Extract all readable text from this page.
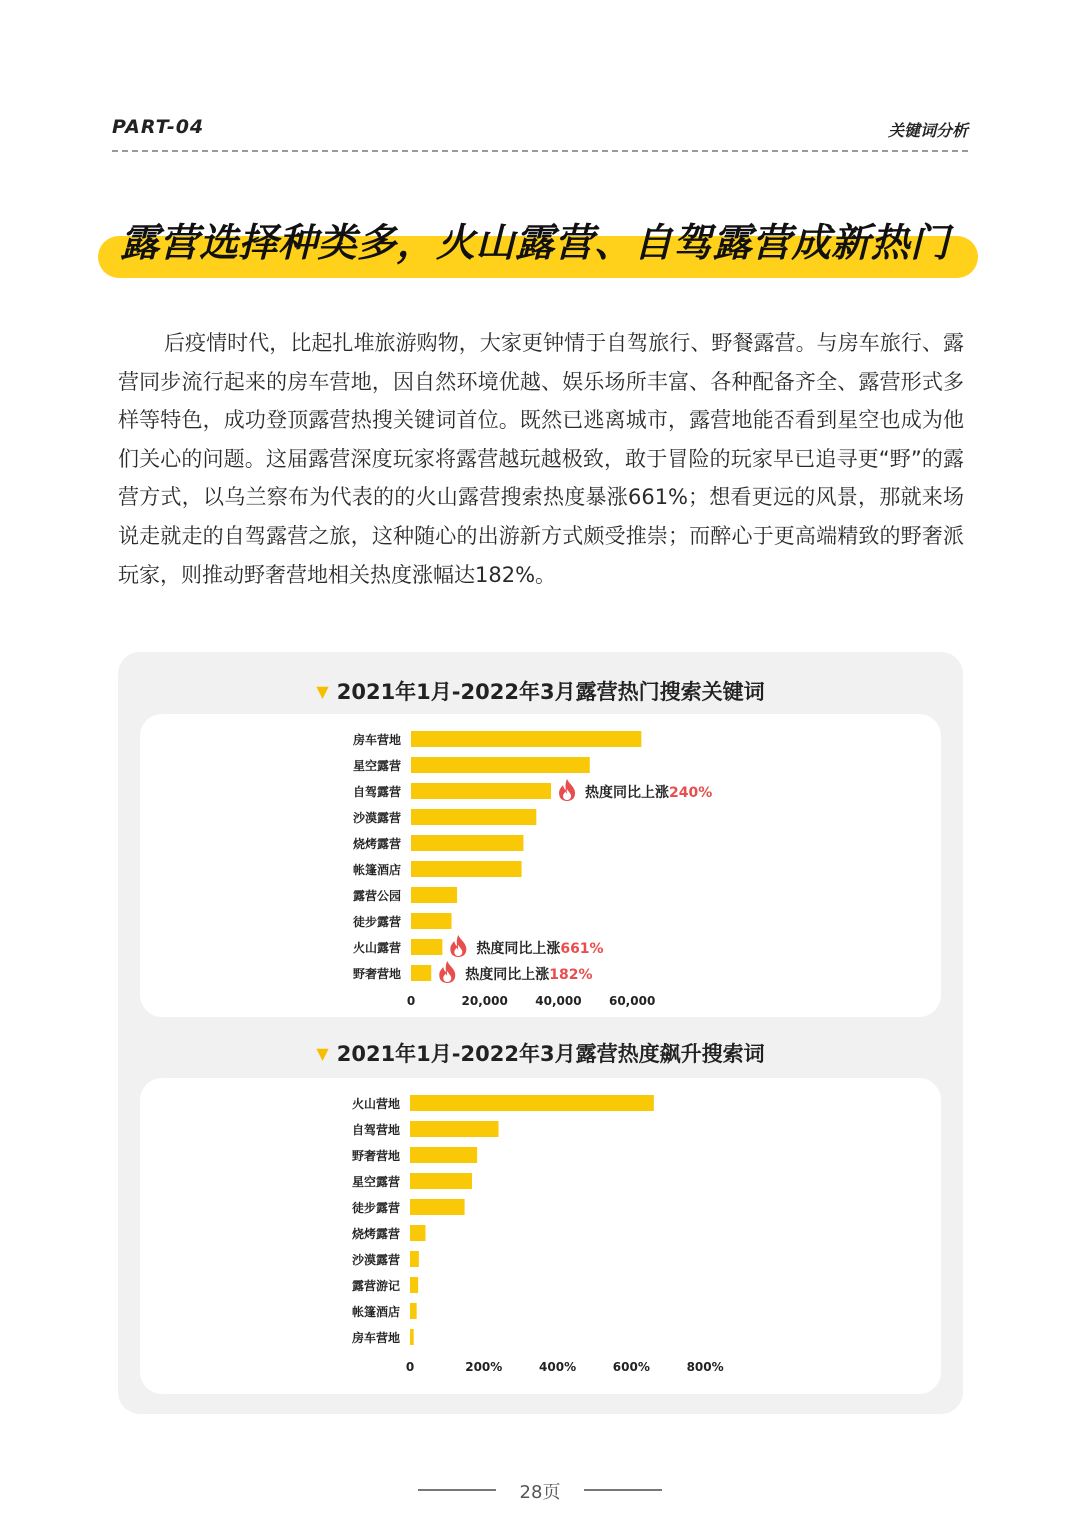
PART-04	关键词分析
露营选择种类多，火山露营、自驾露营成新热门

后疫情时代，比起扎堆旅游购物，大家更钟情于自驾旅行、野餐露营。与房车旅行、露营同步流行起来的房车营地，因自然环境优越、娱乐场所丰富、各种配备齐全、露营形式多样等特色，成功登顶露营热搜关键词首位。既然已逃离城市，露营地能否看到星空也成为他们关心的问题。这届露营深度玩家将露营越玩越极致，敢于冒险的玩家早已追寻更“野”的露营方式，以乌兰察布为代表的的火山露营搜索热度暴涨661%；想看更远的风景，那就来场说走就走的自驾露营之旅，这种随心的出游新方式颇受推崇；而醉心于更高端精致的野奢派玩家，则推动野奢营地相关热度涨幅达182%。

▼ 2021年1月-2022年3月露营热门搜索关键词
房车营地
星空露营
自驾露营
沙漠露营
烧烤露营
帐篷酒店
露营公园
徒步露营
火山露营
野奢营地
0	20,000 40,000 60,000
热度同比上涨240%
热度同比上涨661%
热度同比上涨182%
▼ 2021年1月-2022年3月露营热度飙升搜索词
火山营地
自驾营地
野奢营地
星空露营
徒步露营
烧烤露营
沙漠露营
露营游记
帐篷酒店
房车营地
0	200%	400%	600%	800%
28页
